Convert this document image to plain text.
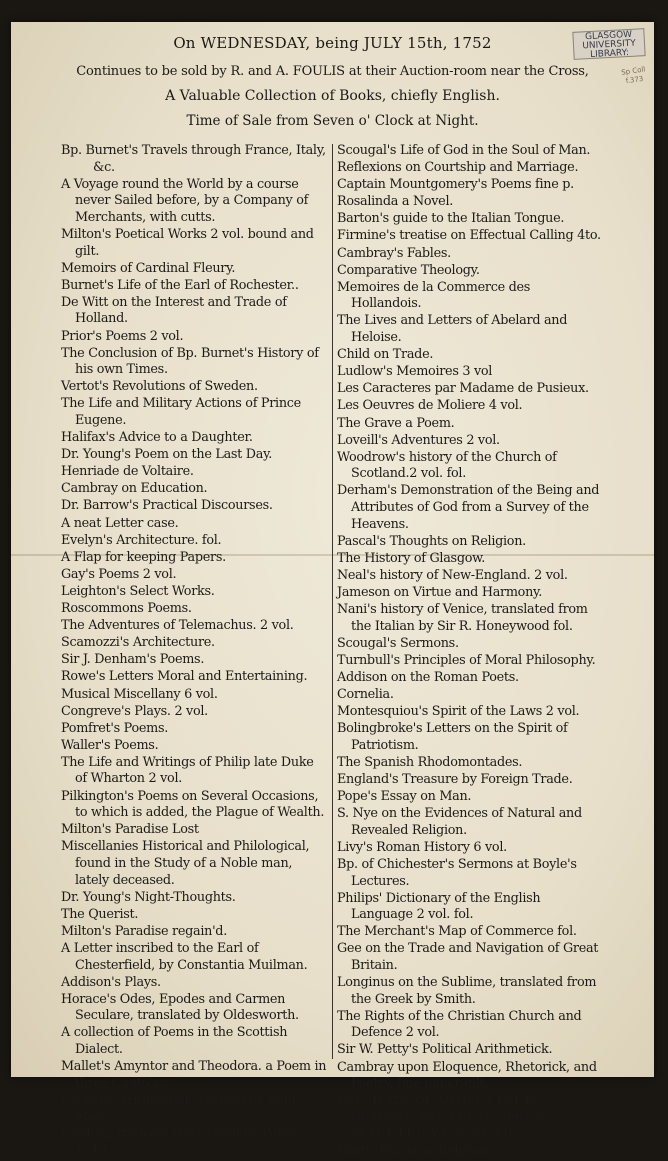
GLASGOW UNIVERSITY LIBRARY:
Sp Coll f.373
On WEDNESDAY, being JULY 15th, 1752
Continues to be sold by R. and A. FOULIS at their Auction-room near the Cross,
A Valuable Collection of Books, chiefly English.
Time of Sale from Seven o' Clock at Night.
Bp. Burnet's Travels through France, Italy, &c.
A Voyage round the World by a course never Sailed before, by a Company of Merchants, with cutts.
Milton's Poetical Works 2 vol. bound and gilt.
Memoirs of Cardinal Fleury.
Burnet's Life of the Earl of Rochester..
De Witt on the Interest and Trade of Holland.
Prior's Poems 2 vol.
The Conclusion of Bp. Burnet's History of his own Times.
Vertot's Revolutions of Sweden.
The Life and Military Actions of Prince Eugene.
Halifax's Advice to a Daughter.
Dr. Young's Poem on the Last Day.
Henriade de Voltaire.
Cambray on Education.
Dr. Barrow's Practical Discourses.
A neat Letter case.
Evelyn's Architecture. fol.
A Flap for keeping Papers.
Gay's Poems 2 vol.
Leighton's Select Works.
Roscommons Poems.
The Adventures of Telemachus. 2 vol.
Scamozzi's Architecture.
Sir J. Denham's Poems.
Rowe's Letters Moral and Entertaining.
Musical Miscellany 6 vol.
Congreve's Plays. 2 vol.
Pomfret's Poems.
Waller's Poems.
The Life and Writings of Philip late Duke of Wharton 2 vol.
Pilkington's Poems on Several Occasions, to which is added, the Plague of Wealth.
Milton's Paradise Lost
Miscellanies Historical and Philological, found in the Study of a Noble man, lately deceased.
Dr. Young's Night-Thoughts.
The Querist.
Milton's Paradise regain'd.
A Letter inscribed to the Earl of Chesterfield, by Constantia Muilman.
Addison's Plays.
Horace's Odes, Epodes and Carmen Seculare, translated by Oldesworth.
A collection of Poems in the Scottish Dialect.
Mallet's Amyntor and Theodora. a Poem in three Canto's.
Cocker's Arithmetick, revised by John Mair.
Catilina, tragedie par Crebillon. Paris 1749.
Scougal's Life of God in the Soul of Man.
Reflexions on Courtship and Marriage.
Captain Mountgomery's Poems fine p.
Rosalinda a Novel.
Barton's guide to the Italian Tongue.
Firmine's treatise on Effectual Calling 4to.
Cambray's Fables.
Comparative Theology.
Memoires de la Commerce des Hollandois.
The Lives and Letters of Abelard and Heloise.
Child on Trade.
Ludlow's Memoires 3 vol
Les Caracteres par Madame de Pusieux.
Les Oeuvres de Moliere 4 vol.
The Grave a Poem.
Loveill's Adventures 2 vol.
Woodrow's history of the Church of Scotland.2 vol. fol.
Derham's Demonstration of the Being and Attributes of God from a Survey of the Heavens.
Pascal's Thoughts on Religion.
The History of Glasgow.
Neal's history of New-England. 2 vol.
Jameson on Virtue and Harmony.
Nani's history of Venice, translated from the Italian by Sir R. Honeywood fol.
Scougal's Sermons.
Turnbull's Principles of Moral Philosophy.
Addison on the Roman Poets.
Cornelia.
Montesquiou's Spirit of the Laws 2 vol.
Bolingbroke's Letters on the Spirit of Patriotism.
The Spanish Rhodomontades.
England's Treasure by Foreign Trade.
Pope's Essay on Man.
S. Nye on the Evidences of Natural and Revealed Religion.
Livy's Roman History 6 vol.
Bp. of Chichester's Sermons at Boyle's Lectures.
Philips' Dictionary of the English Language 2 vol. fol.
The Merchant's Map of Commerce fol.
Gee on the Trade and Navigation of Great Britain.
Longinus on the Sublime, translated from the Greek by Smith.
The Rights of the Christian Church and Defence 2 vol.
Sir W. Petty's Political Arithmetick.
Cambray upon Eloquence, Rhetorick, and Poetry, fine paper gilt.
THE HEADS OF ANTIENT POETS, ORATORS, AND PHILOSOPHERS, BEAUTIFULLY ENGRAVED.
Watt's Practical Religion.
